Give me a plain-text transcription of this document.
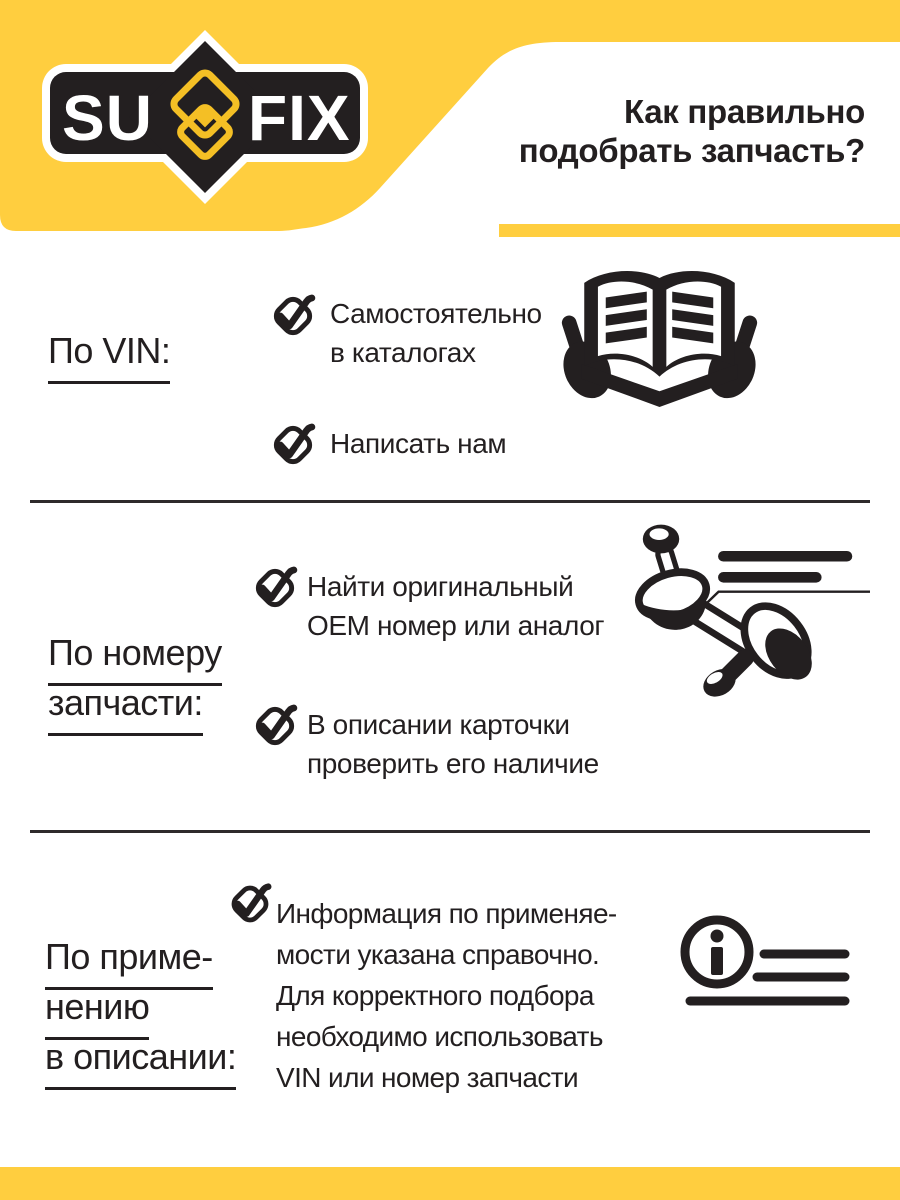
SU FIX	Как правильно
подобрать запчасть?
По VIN:
Самостоятельно
в каталогах
Написать нам
По номеру
запчасти:
Найти оригинальный
ОЕМ номер или аналог
В описании карточки
проверить его наличие
По приме-
нению
в описании:
Информация по применяе-
мости указана справочно.
Для корректного подбора
необходимо использовать
VIN или номер запчасти
